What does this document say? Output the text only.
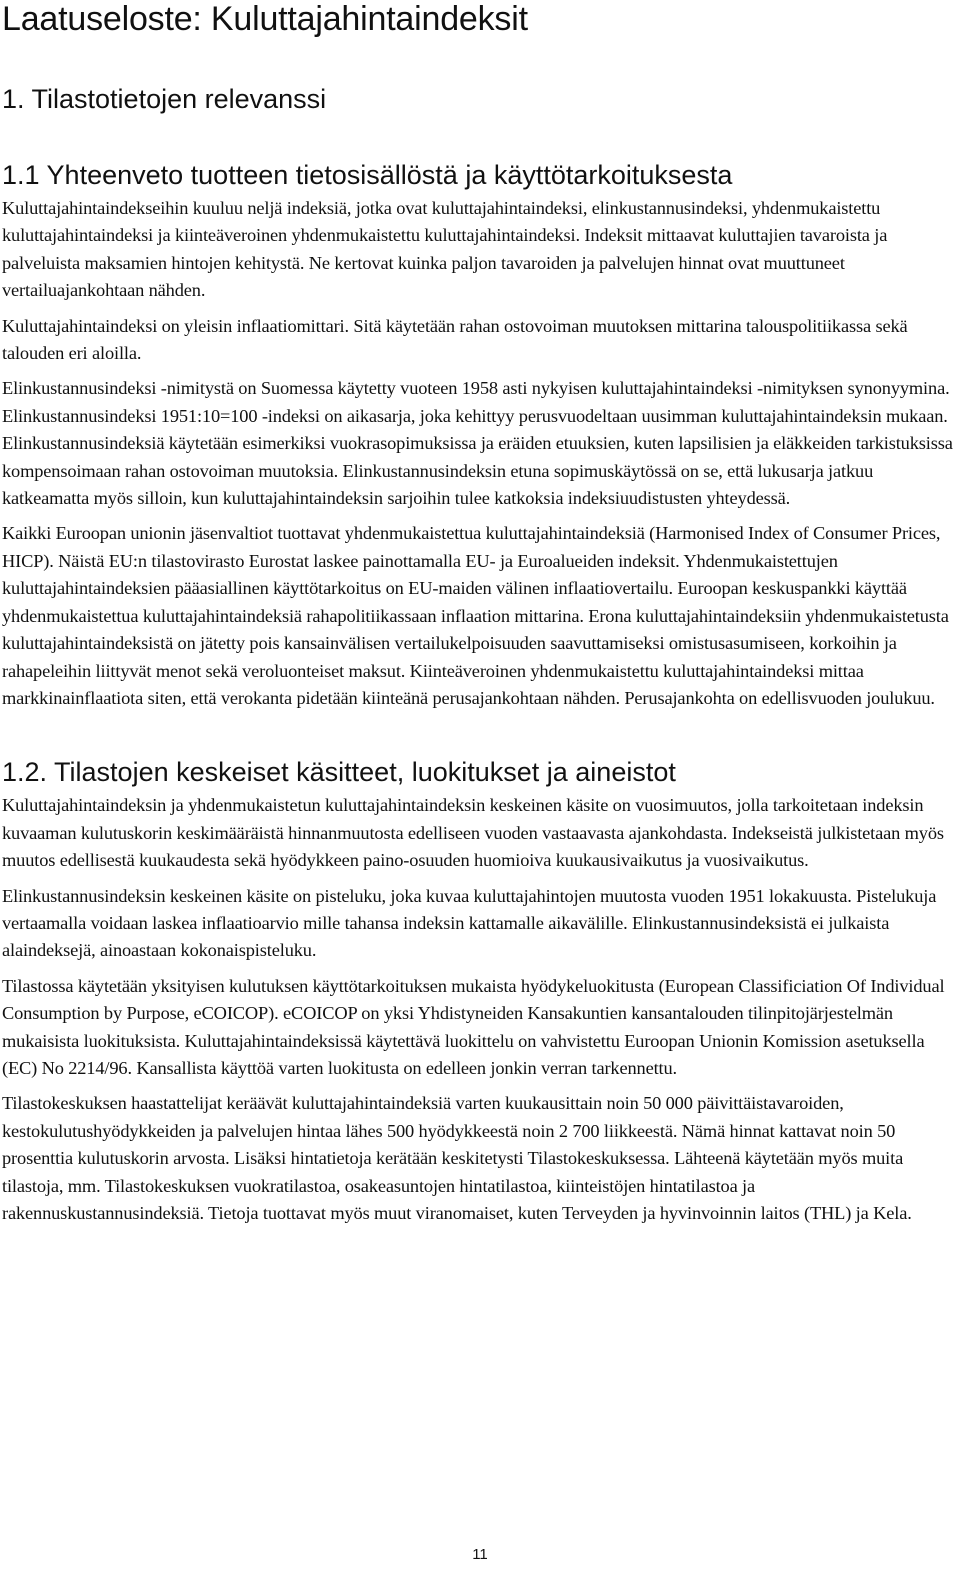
Laatuseloste: Kuluttajahintaindeksit
1. Tilastotietojen relevanssi
1.1 Yhteenveto tuotteen tietosisällöstä ja käyttötarkoituksesta

Kuluttajahintaindekseihin kuuluu neljä indeksiä, jotka ovat kuluttajahintaindeksi, elinkustannusindeksi, yhdenmukaistettu kuluttajahintaindeksi ja kiinteäveroinen yhdenmukaistettu kuluttajahintaindeksi. Indeksit mittaavat kuluttajien tavaroista ja palveluista maksamien hintojen kehitystä. Ne kertovat kuinka paljon tavaroiden ja palvelujen hinnat ovat muuttuneet vertailuajankohtaan nähden.

Kuluttajahintaindeksi on yleisin inflaatiomittari. Sitä käytetään rahan ostovoiman muutoksen mittarina talouspolitiikassa sekä talouden eri aloilla.

Elinkustannusindeksi -nimitystä on Suomessa käytetty vuoteen 1958 asti nykyisen kuluttajahintaindeksi -nimityksen synonyymina. Elinkustannusindeksi 1951:10=100 -indeksi on aikasarja, joka kehittyy perusvuodeltaan uusimman kuluttajahintaindeksin mukaan. Elinkustannusindeksiä käytetään esimerkiksi vuokrasopimuksissa ja eräiden etuuksien, kuten lapsilisien ja eläkkeiden tarkistuksissa kompensoimaan rahan ostovoiman muutoksia. Elinkustannusindeksin etuna sopimuskäytössä on se, että lukusarja jatkuu katkeamatta myös silloin, kun kuluttajahintaindeksin sarjoihin tulee katkoksia indeksiuudistusten yhteydessä.

Kaikki Euroopan unionin jäsenvaltiot tuottavat yhdenmukaistettua kuluttajahintaindeksiä (Harmonised Index of Consumer Prices, HICP). Näistä EU:n tilastovirasto Eurostat laskee painottamalla EU- ja Euroalueiden indeksit. Yhdenmukaistettujen kuluttajahintaindeksien pääasiallinen käyttötarkoitus on EU-maiden välinen inflaatiovertailu. Euroopan keskuspankki käyttää yhdenmukaistettua kuluttajahintaindeksiä rahapolitiikassaan inflaation mittarina. Erona kuluttajahintaindeksiin yhdenmukaistetusta kuluttajahintaindeksistä on jätetty pois kansainvälisen vertailukelpoisuuden saavuttamiseksi omistusasumiseen, korkoihin ja rahapeleihin liittyvät menot sekä veroluonteiset maksut. Kiinteäveroinen yhdenmukaistettu kuluttajahintaindeksi mittaa markkinainflaatiota siten, että verokanta pidetään kiinteänä perusajankohtaan nähden. Perusajankohta on edellisvuoden joulukuu.

1.2. Tilastojen keskeiset käsitteet, luokitukset ja aineistot

Kuluttajahintaindeksin ja yhdenmukaistetun kuluttajahintaindeksin keskeinen käsite on vuosimuutos, jolla tarkoitetaan indeksin kuvaaman kulutuskorin keskimääräistä hinnanmuutosta edelliseen vuoden vastaavasta ajankohdasta. Indekseistä julkistetaan myös muutos edellisestä kuukaudesta sekä hyödykkeen paino-osuuden huomioiva kuukausivaikutus ja vuosivaikutus.

Elinkustannusindeksin keskeinen käsite on pisteluku, joka kuvaa kuluttajahintojen muutosta vuoden 1951 lokakuusta. Pistelukuja vertaamalla voidaan laskea inflaatioarvio mille tahansa indeksin kattamalle aikavälille. Elinkustannusindeksistä ei julkaista alaindeksejä, ainoastaan kokonaispisteluku.

Tilastossa käytetään yksityisen kulutuksen käyttötarkoituksen mukaista hyödykeluokitusta (European Classificiation Of Individual Consumption by Purpose, eCOICOP). eCOICOP on yksi Yhdistyneiden Kansakuntien kansantalouden tilinpitojärjestelmän mukaisista luokituksista. Kuluttajahintaindeksissä käytettävä luokittelu on vahvistettu Euroopan Unionin Komission asetuksella (EC) No 2214/96. Kansallista käyttöä varten luokitusta on edelleen jonkin verran tarkennettu.

Tilastokeskuksen haastattelijat keräävät kuluttajahintaindeksiä varten kuukausittain noin 50 000 päivittäistavaroiden, kestokulutushyödykkeiden ja palvelujen hintaa lähes 500 hyödykkeestä noin 2 700 liikkeestä. Nämä hinnat kattavat noin 50 prosenttia kulutuskorin arvosta. Lisäksi hintatietoja kerätään keskitetysti Tilastokeskuksessa. Lähteenä käytetään myös muita tilastoja, mm. Tilastokeskuksen vuokratilastoa, osakeasuntojen hintatilastoa, kiinteistöjen hintatilastoa ja rakennuskustannusindeksiä. Tietoja tuottavat myös muut viranomaiset, kuten Terveyden ja hyvinvoinnin laitos (THL) ja Kela.

11
